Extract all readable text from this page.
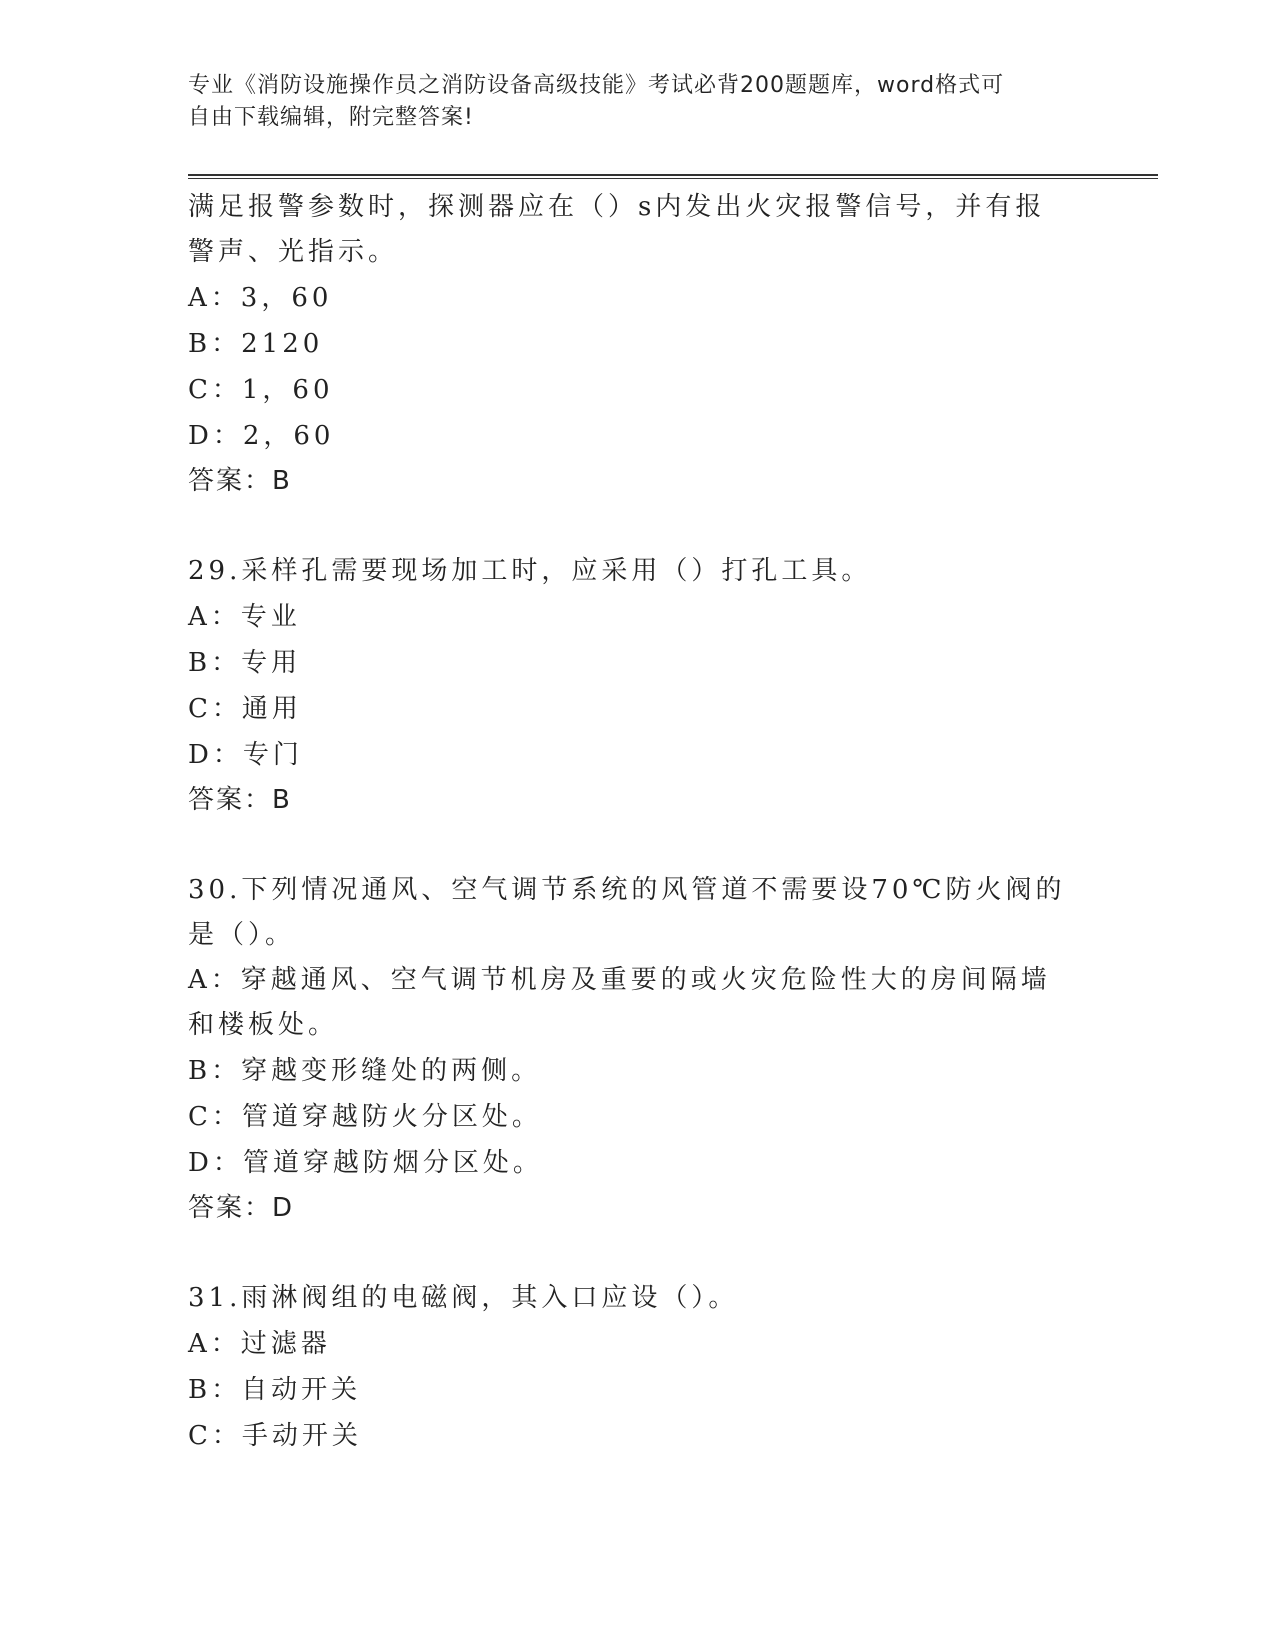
专业《消防设施操作员之消防设备高级技能》考试必背200题题库，word格式可
自由下载编辑，附完整答案!
满足报警参数时，探测器应在（）s内发出火灾报警信号，并有报警声、光指示。
A：3，60
B：2120
C：1，60
D：2，60
答案：B
29.采样孔需要现场加工时，应采用（）打孔工具。
A：专业
B：专用
C：通用
D：专门
答案：B
30.下列情况通风、空气调节系统的风管道不需要设70℃防火阀的是（）。
A：穿越通风、空气调节机房及重要的或火灾危险性大的房间隔墙和楼板处。
B：穿越变形缝处的两侧。
C：管道穿越防火分区处。
D：管道穿越防烟分区处。
答案：D
31.雨淋阀组的电磁阀，其入口应设（）。
A：过滤器
B：自动开关
C：手动开关
